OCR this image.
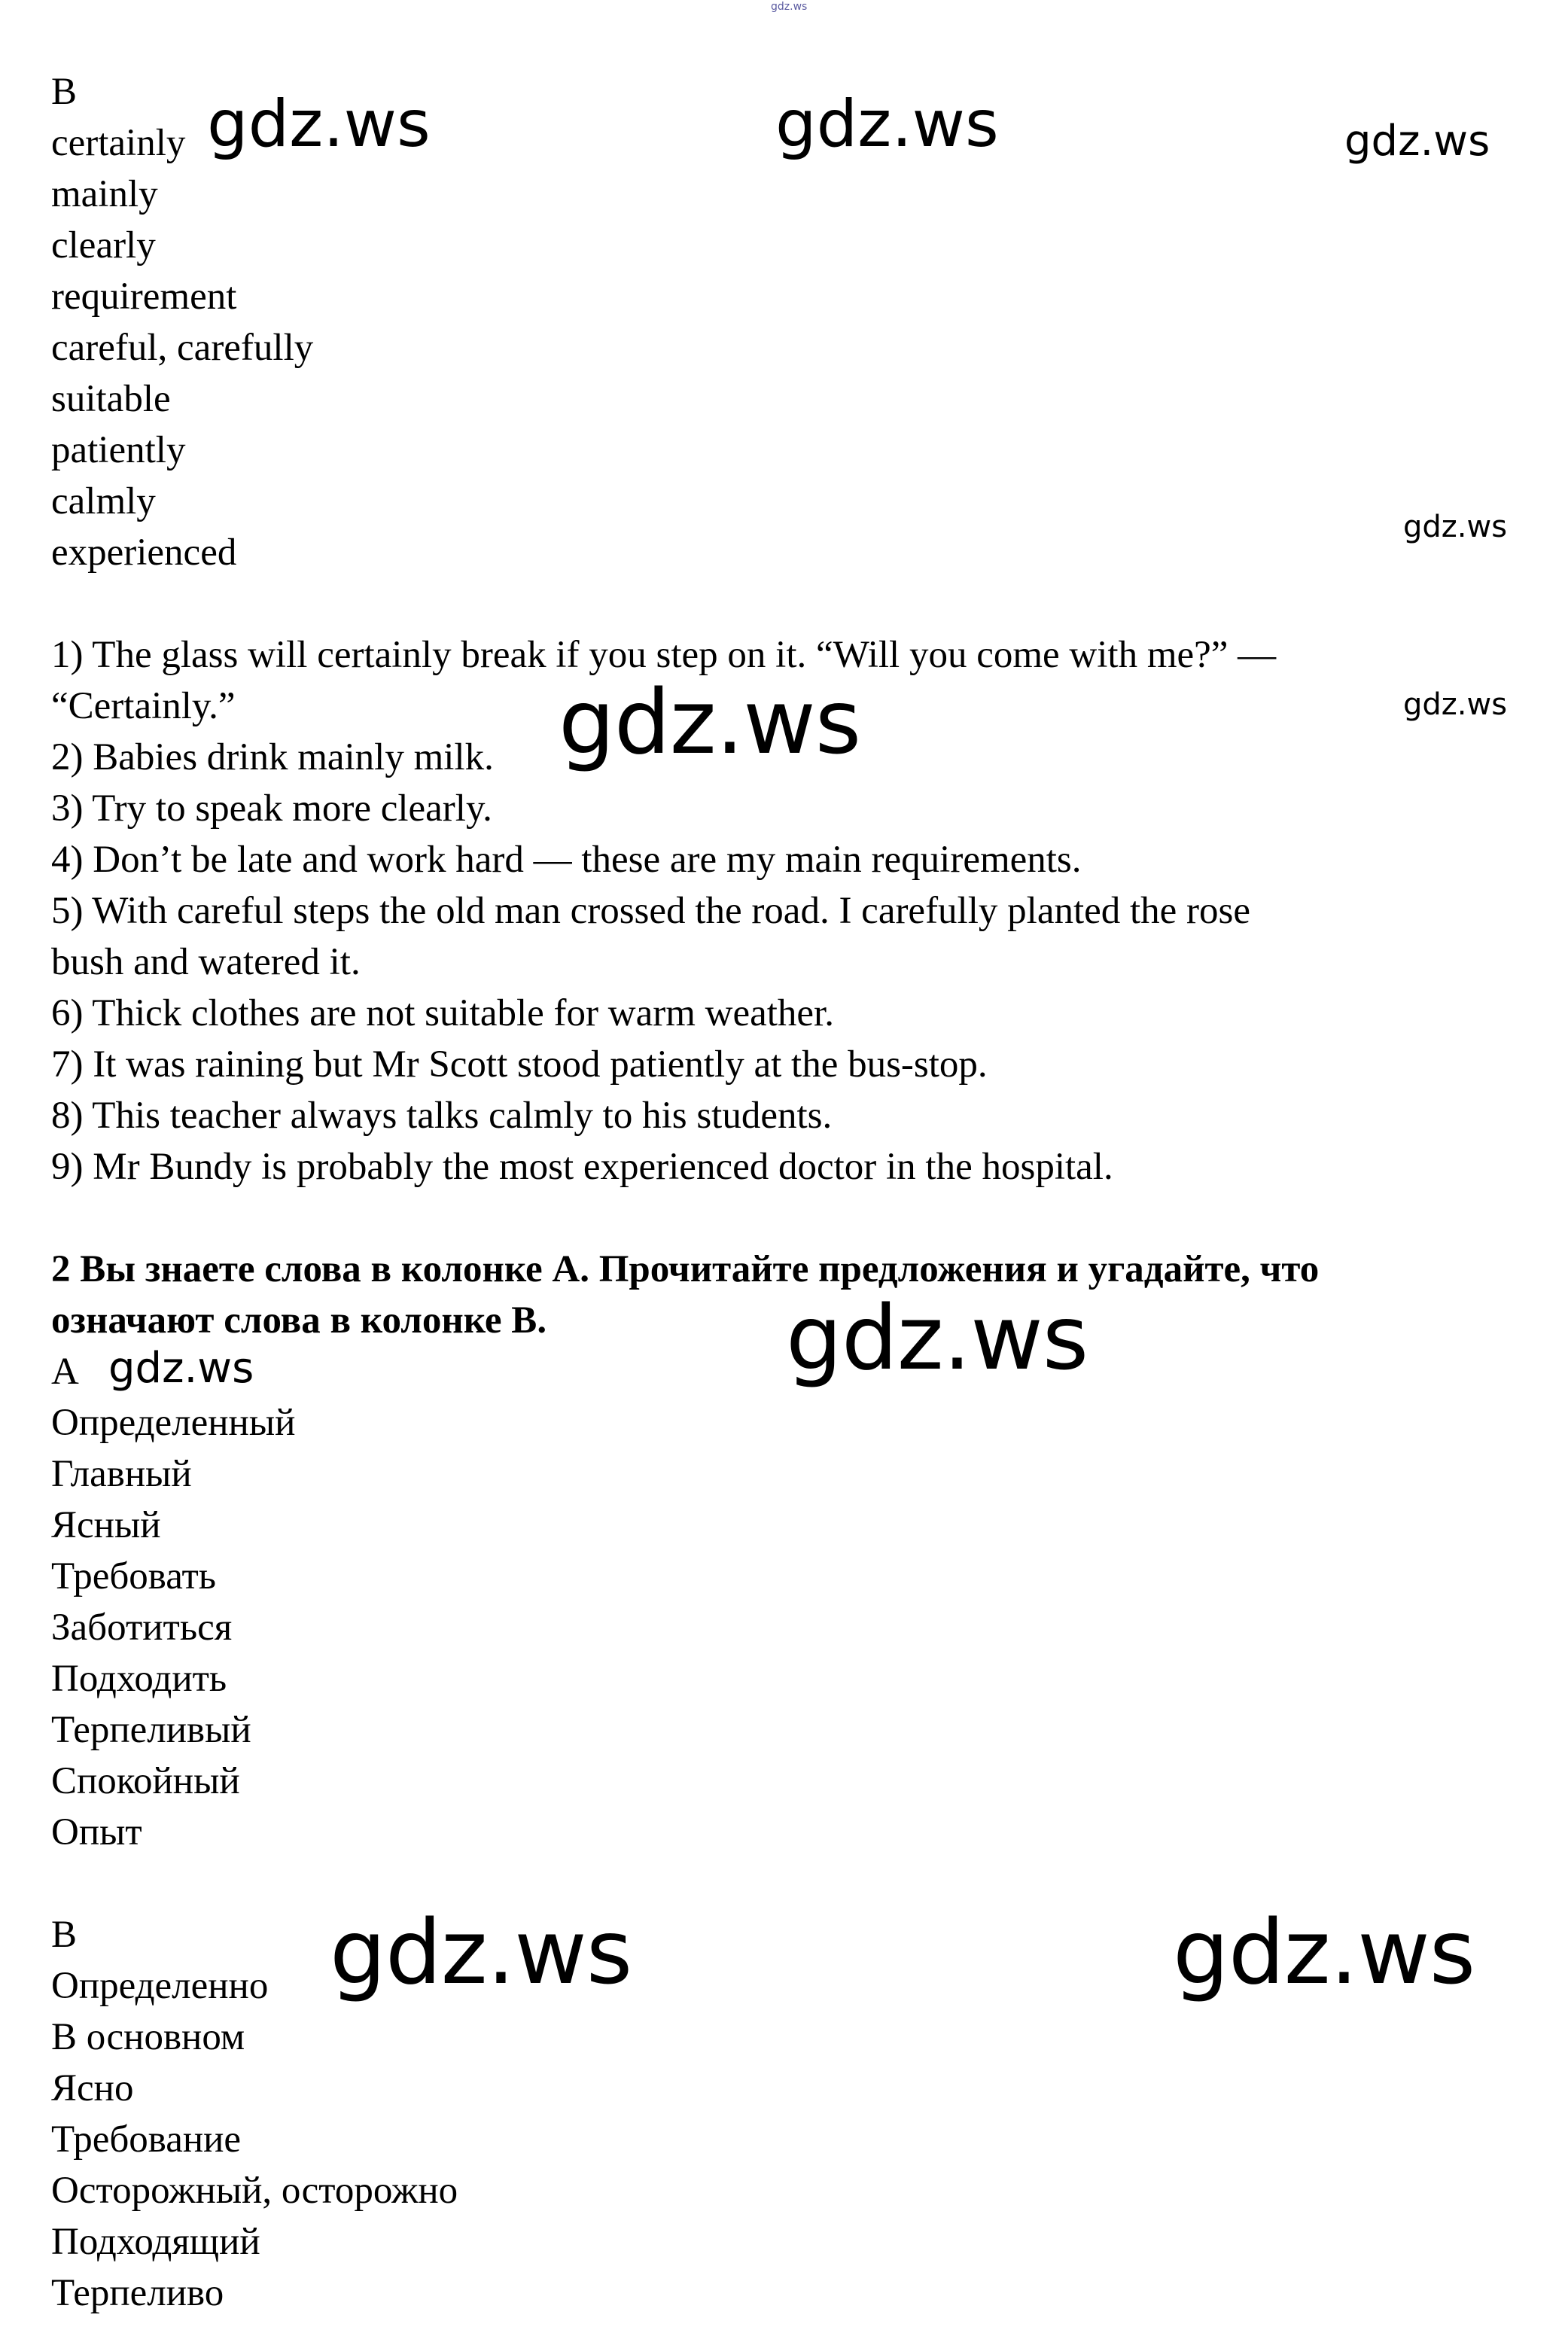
gdz.ws
B
certainly
mainly
clearly
requirement
careful, carefully
suitable
patiently
calmly
experienced
1) The glass will certainly break if you step on it. “Will you come with me?” —
“Certainly.”
2) Babies drink mainly milk.
3) Try to speak more clearly.
4) Don’t be late and work hard — these are my main requirements.
5) With careful steps the old man crossed the road. I carefully planted the rose
bush and watered it.
6) Thick clothes are not suitable for warm weather.
7) It was raining but Mr Scott stood patiently at the bus-stop.
8) This teacher always talks calmly to his students.
9) Mr Bundy is probably the most experienced doctor in the hospital.
2 Вы знаете слова в колонке А. Прочитайте предложения и угадайте, что
означают слова в колонке В.
A
Определенный
Главный
Ясный
Требовать
Заботиться
Подходить
Терпеливый
Спокойный
Опыт
B
Определенно
В основном
Ясно
Требование
Осторожный, осторожно
Подходящий
Терпеливо
gdz.ws	gdz.ws	gdz.ws
gdz.ws
gdz.ws
gdz.ws
gdz.ws
gdz.ws
gdz.ws	gdz.ws
